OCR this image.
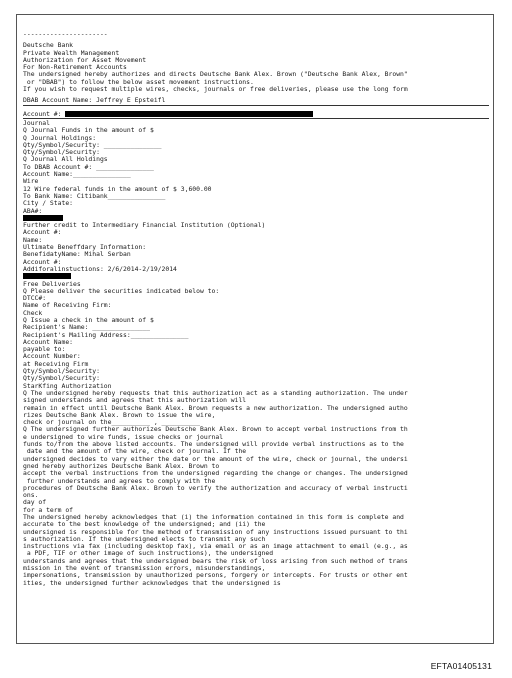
----------------------
Deutsche Bank
Private Wealth Management
Authorization for Asset Movement
For Non-Retirement Accounts
The undersigned hereby authorizes and directs Deutsche Bank Alex. Brown ("Deutsche Bank Alex, Brown"
or "DBAB") to follow the below asset movement instructions.
If you wish to request multiple wires, checks, journals or free deliveries, please use the long form
DBAB Account Name: Jeffrey E Epsteifl
Account #:
Journal
Q Journal Funds in the amount of $
Q Journal Holdings:
Qty/Symbol/Security: _______________
Qty/Symbol/Security:
Q Journal All Holdings
To DBAB Account #: _______________
Account Name:_______________
Wire
12 Wire federal funds in the amount of $ 3,600.00
To Bank Name: Citibank_______________
City / State:
ABA#:
Further credit to Intermediary Financial Institution (Optional)
Account #:
Name:
Ultimate Beneffdary Information:
BenefidatyName: Mihal Serban
Account #:
Addiforalinstuctions: 2/6/2014-2/19/2014
Free Deliveries
Q Please deliver the securities indicated below to:
DTCC#:
Name of Receiving Firm:
Check
Q Issue a check in the amount of $
Recipient's Name: _______________
Recipient's Mailing Address:_______________
Account Name:
payable to:
Account Number:
at Receiving Firm
Qty/Symbol/Security:
Qty/Symbol/Security:
StarKfing Authorization
Q The undersigned hereby requests that this authorization act as a standing authorization. The under
signed understands and agrees that this authorization will
remain in effect until Deutsche Bank Alex. Brown requests a new authorization. The undersigned autho
rizes Deutsche Bank Alex. Brown to issue the wire,
check or journal on the__________ , __________
Q The undersigned further authorizes Deutsche Bank Alex. Brown to accept verbal instructions from th
e undersigned to wire funds, issue checks or journal
funds to/from the above listed accounts. The undersigned will provide verbal instructions as to the
date and the amount of the wire, check or journal. If the
undersigned decides to vary either the date or the amount of the wire, check or journal, the undersi
gned hereby authorizes Deutsche Bank Alex. Brown to
accept the verbal instructions from the undersigned regarding the change or changes. The undersigned
further understands and agrees to comply with the
procedures of Deutsche Bank Alex. Brown to verify the authorization and accuracy of verbal instructi
ons.
day of
for a term of
The undersigned hereby acknowledges that (i) the information contained in this form is complete and
accurate to the best knowledge of the undersigned; and (ii) the
undersigned is responsible for the method of transmission of any instructions issued pursuant to thi
s authorization. If the undersigned elects to transmit any such
instructions via fax (including desktop fax), via email or as an image attachment to email (e.g., as
a PDF, TIF or other image of such instructions), the undersigned
understands and agrees that the undersigned bears the risk of loss arising from such method of trans
mission in the event of transmission errors, misunderstandings,
impersonations, transmission by unauthorized persons, forgery or intercepts. For trusts or other ent
ities, the undersigned further acknowledges that the undersigned is
EFTA01405131
